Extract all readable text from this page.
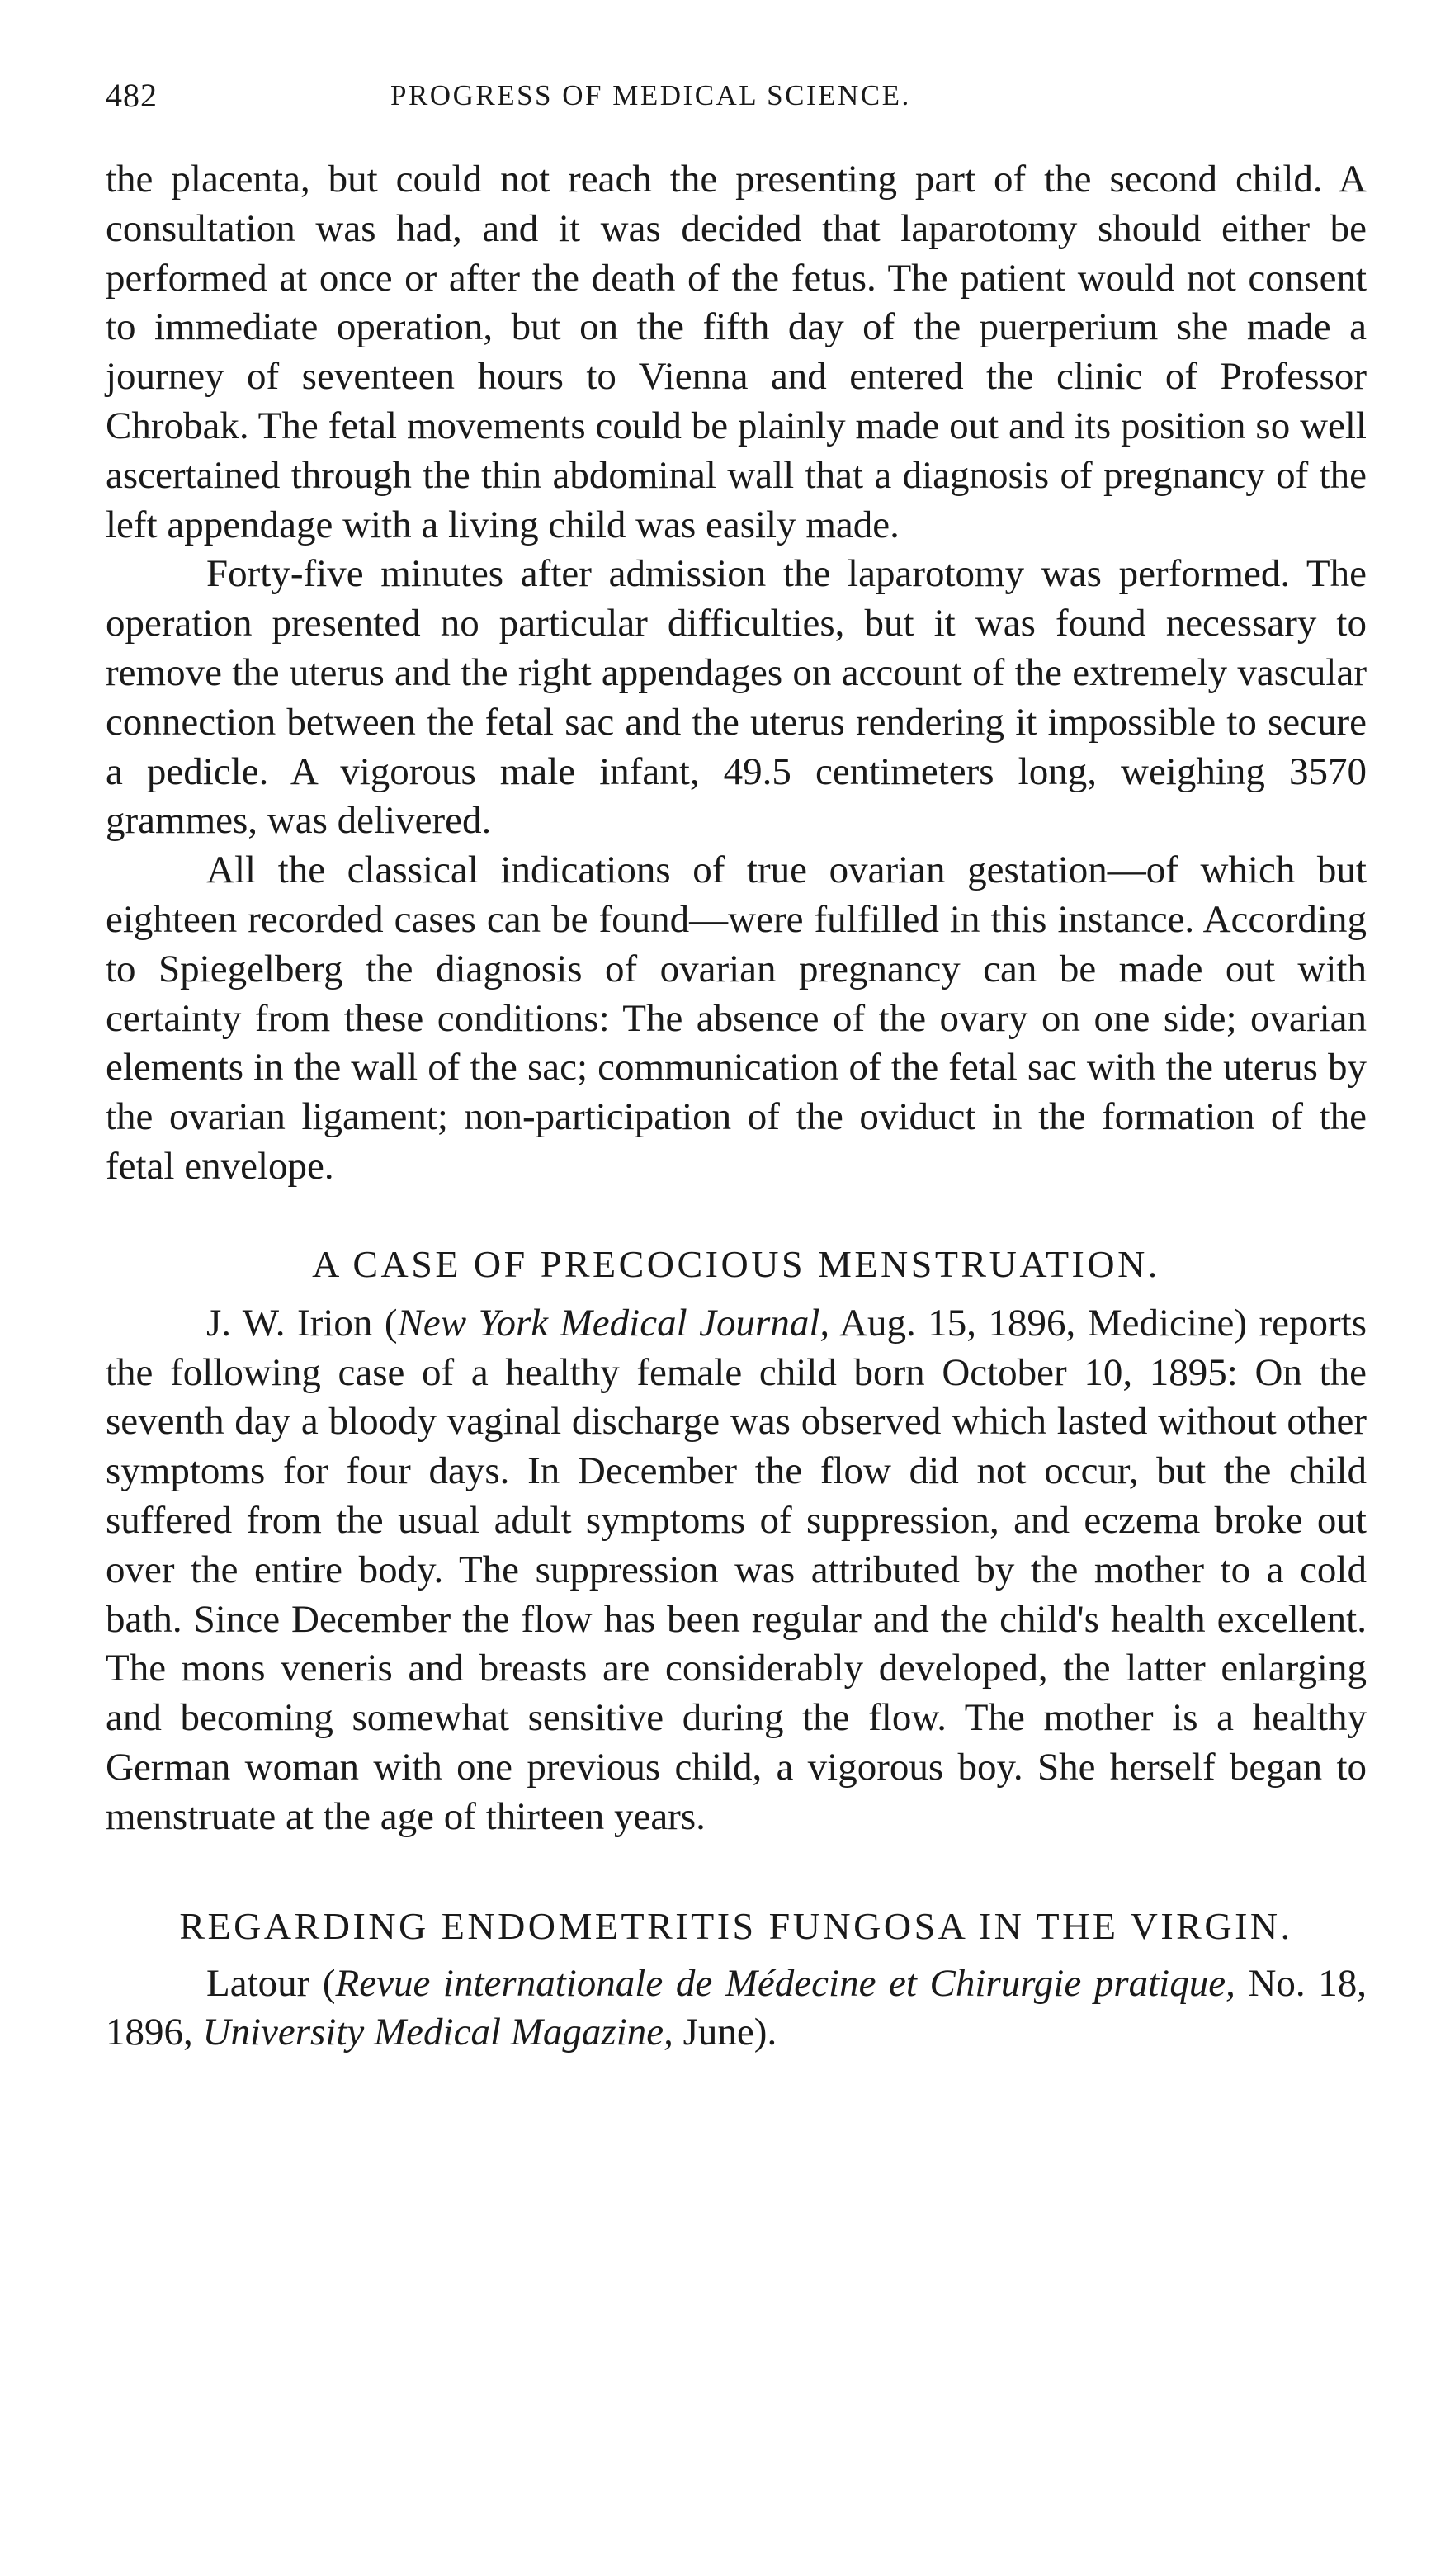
482	PROGRESS OF MEDICAL SCIENCE.

the placenta, but could not reach the presenting part of the second child. A consultation was had, and it was decided that laparotomy should either be performed at once or after the death of the fetus. The patient would not consent to immediate operation, but on the fifth day of the puerperium she made a journey of seventeen hours to Vienna and entered the clinic of Professor Chrobak. The fetal movements could be plainly made out and its position so well ascertained through the thin abdominal wall that a diagnosis of pregnancy of the left appendage with a living child was easily made.

Forty-five minutes after admission the laparotomy was performed. The operation presented no particular difficulties, but it was found necessary to remove the uterus and the right appendages on account of the extremely vascular connection between the fetal sac and the uterus rendering it impossible to secure a pedicle. A vigorous male infant, 49.5 centimeters long, weighing 3570 grammes, was delivered.

All the classical indications of true ovarian gestation—of which but eighteen recorded cases can be found—were fulfilled in this instance. According to Spiegelberg the diagnosis of ovarian pregnancy can be made out with certainty from these conditions: The absence of the ovary on one side; ovarian elements in the wall of the sac; communication of the fetal sac with the uterus by the ovarian ligament; non-participation of the oviduct in the formation of the fetal envelope.

A CASE OF PRECOCIOUS MENSTRUATION.

J. W. Irion (New York Medical Journal, Aug. 15, 1896, Medicine) reports the following case of a healthy female child born October 10, 1895: On the seventh day a bloody vaginal discharge was observed which lasted without other symptoms for four days. In December the flow did not occur, but the child suffered from the usual adult symptoms of suppression, and eczema broke out over the entire body. The suppression was attributed by the mother to a cold bath. Since December the flow has been regular and the child's health excellent. The mons veneris and breasts are considerably developed, the latter enlarging and becoming somewhat sensitive during the flow. The mother is a healthy German woman with one previous child, a vigorous boy. She herself began to menstruate at the age of thirteen years.

REGARDING ENDOMETRITIS FUNGOSA IN THE VIRGIN.

Latour (Revue internationale de Médecine et Chirurgie pratique, No. 18, 1896, University Medical Magazine, June).
